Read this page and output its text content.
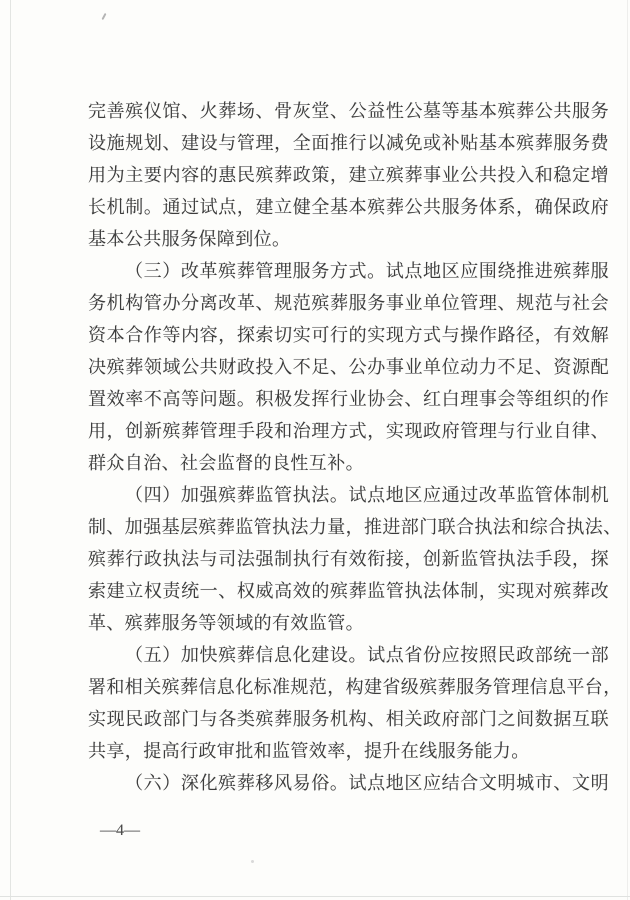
完善殡仪馆、火葬场、骨灰堂、公益性公墓等基本殡葬公共服务
设施规划、建设与管理，全面推行以减免或补贴基本殡葬服务费
用为主要内容的惠民殡葬政策，建立殡葬事业公共投入和稳定增
长机制。通过试点，建立健全基本殡葬公共服务体系，确保政府
基本公共服务保障到位。
（三）改革殡葬管理服务方式。试点地区应围绕推进殡葬服
务机构管办分离改革、规范殡葬服务事业单位管理、规范与社会
资本合作等内容，探索切实可行的实现方式与操作路径，有效解
决殡葬领域公共财政投入不足、公办事业单位动力不足、资源配
置效率不高等问题。积极发挥行业协会、红白理事会等组织的作
用，创新殡葬管理手段和治理方式，实现政府管理与行业自律、
群众自治、社会监督的良性互补。
（四）加强殡葬监管执法。试点地区应通过改革监管体制机
制、加强基层殡葬监管执法力量，推进部门联合执法和综合执法、
殡葬行政执法与司法强制执行有效衔接，创新监管执法手段，探
索建立权责统一、权威高效的殡葬监管执法体制，实现对殡葬改
革、殡葬服务等领域的有效监管。
（五）加快殡葬信息化建设。试点省份应按照民政部统一部
署和相关殡葬信息化标准规范，构建省级殡葬服务管理信息平台，
实现民政部门与各类殡葬服务机构、相关政府部门之间数据互联
共享，提高行政审批和监管效率，提升在线服务能力。
（六）深化殡葬移风易俗。试点地区应结合文明城市、文明
—4—
